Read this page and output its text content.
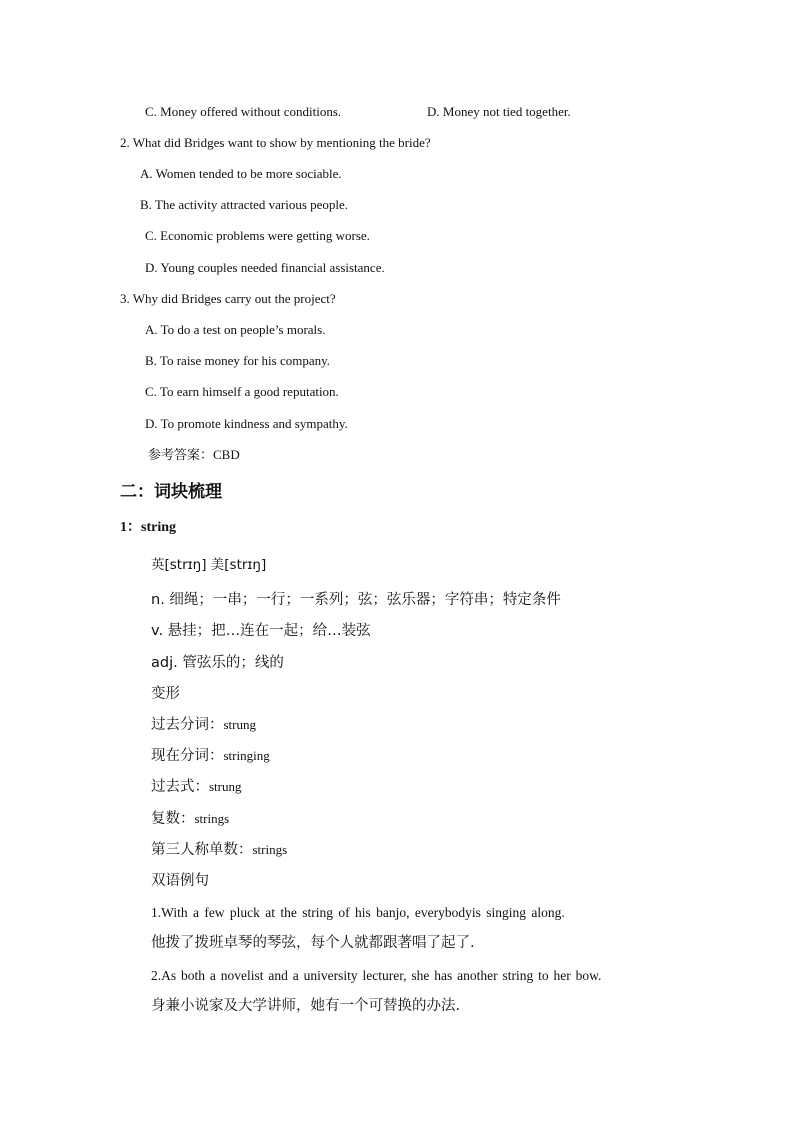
C. Money offered without conditions.	D. Money not tied together.
2. What did Bridges want to show by mentioning the bride?
A. Women tended to be more sociable.
B. The activity attracted various people.
C. Economic problems were getting worse.
D. Young couples needed financial assistance.
3. Why did Bridges carry out the project?
A. To do a test on people’s morals.
B. To raise money for his company.
C. To earn himself a good reputation.
D. To promote kindness and sympathy.
参考答案：CBD
二：词块梳理
1：string
英[strɪŋ] 美[strɪŋ]
n. 细绳；一串；一行；一系列；弦；弦乐器；字符串；特定条件
v. 悬挂；把…连在一起；给…装弦
adj. 管弦乐的；线的
变形
过去分词：strung
现在分词：stringing
过去式：strung
复数：strings
第三人称单数：strings
双语例句
1.With a few pluck at the string of his banjo, everybodyis singing along.
他拨了拨班卓琴的琴弦，每个人就都跟著唱了起了.
2.As both a novelist and a university lecturer, she has another string to her bow.
身兼小说家及大学讲师，她有一个可替换的办法.
